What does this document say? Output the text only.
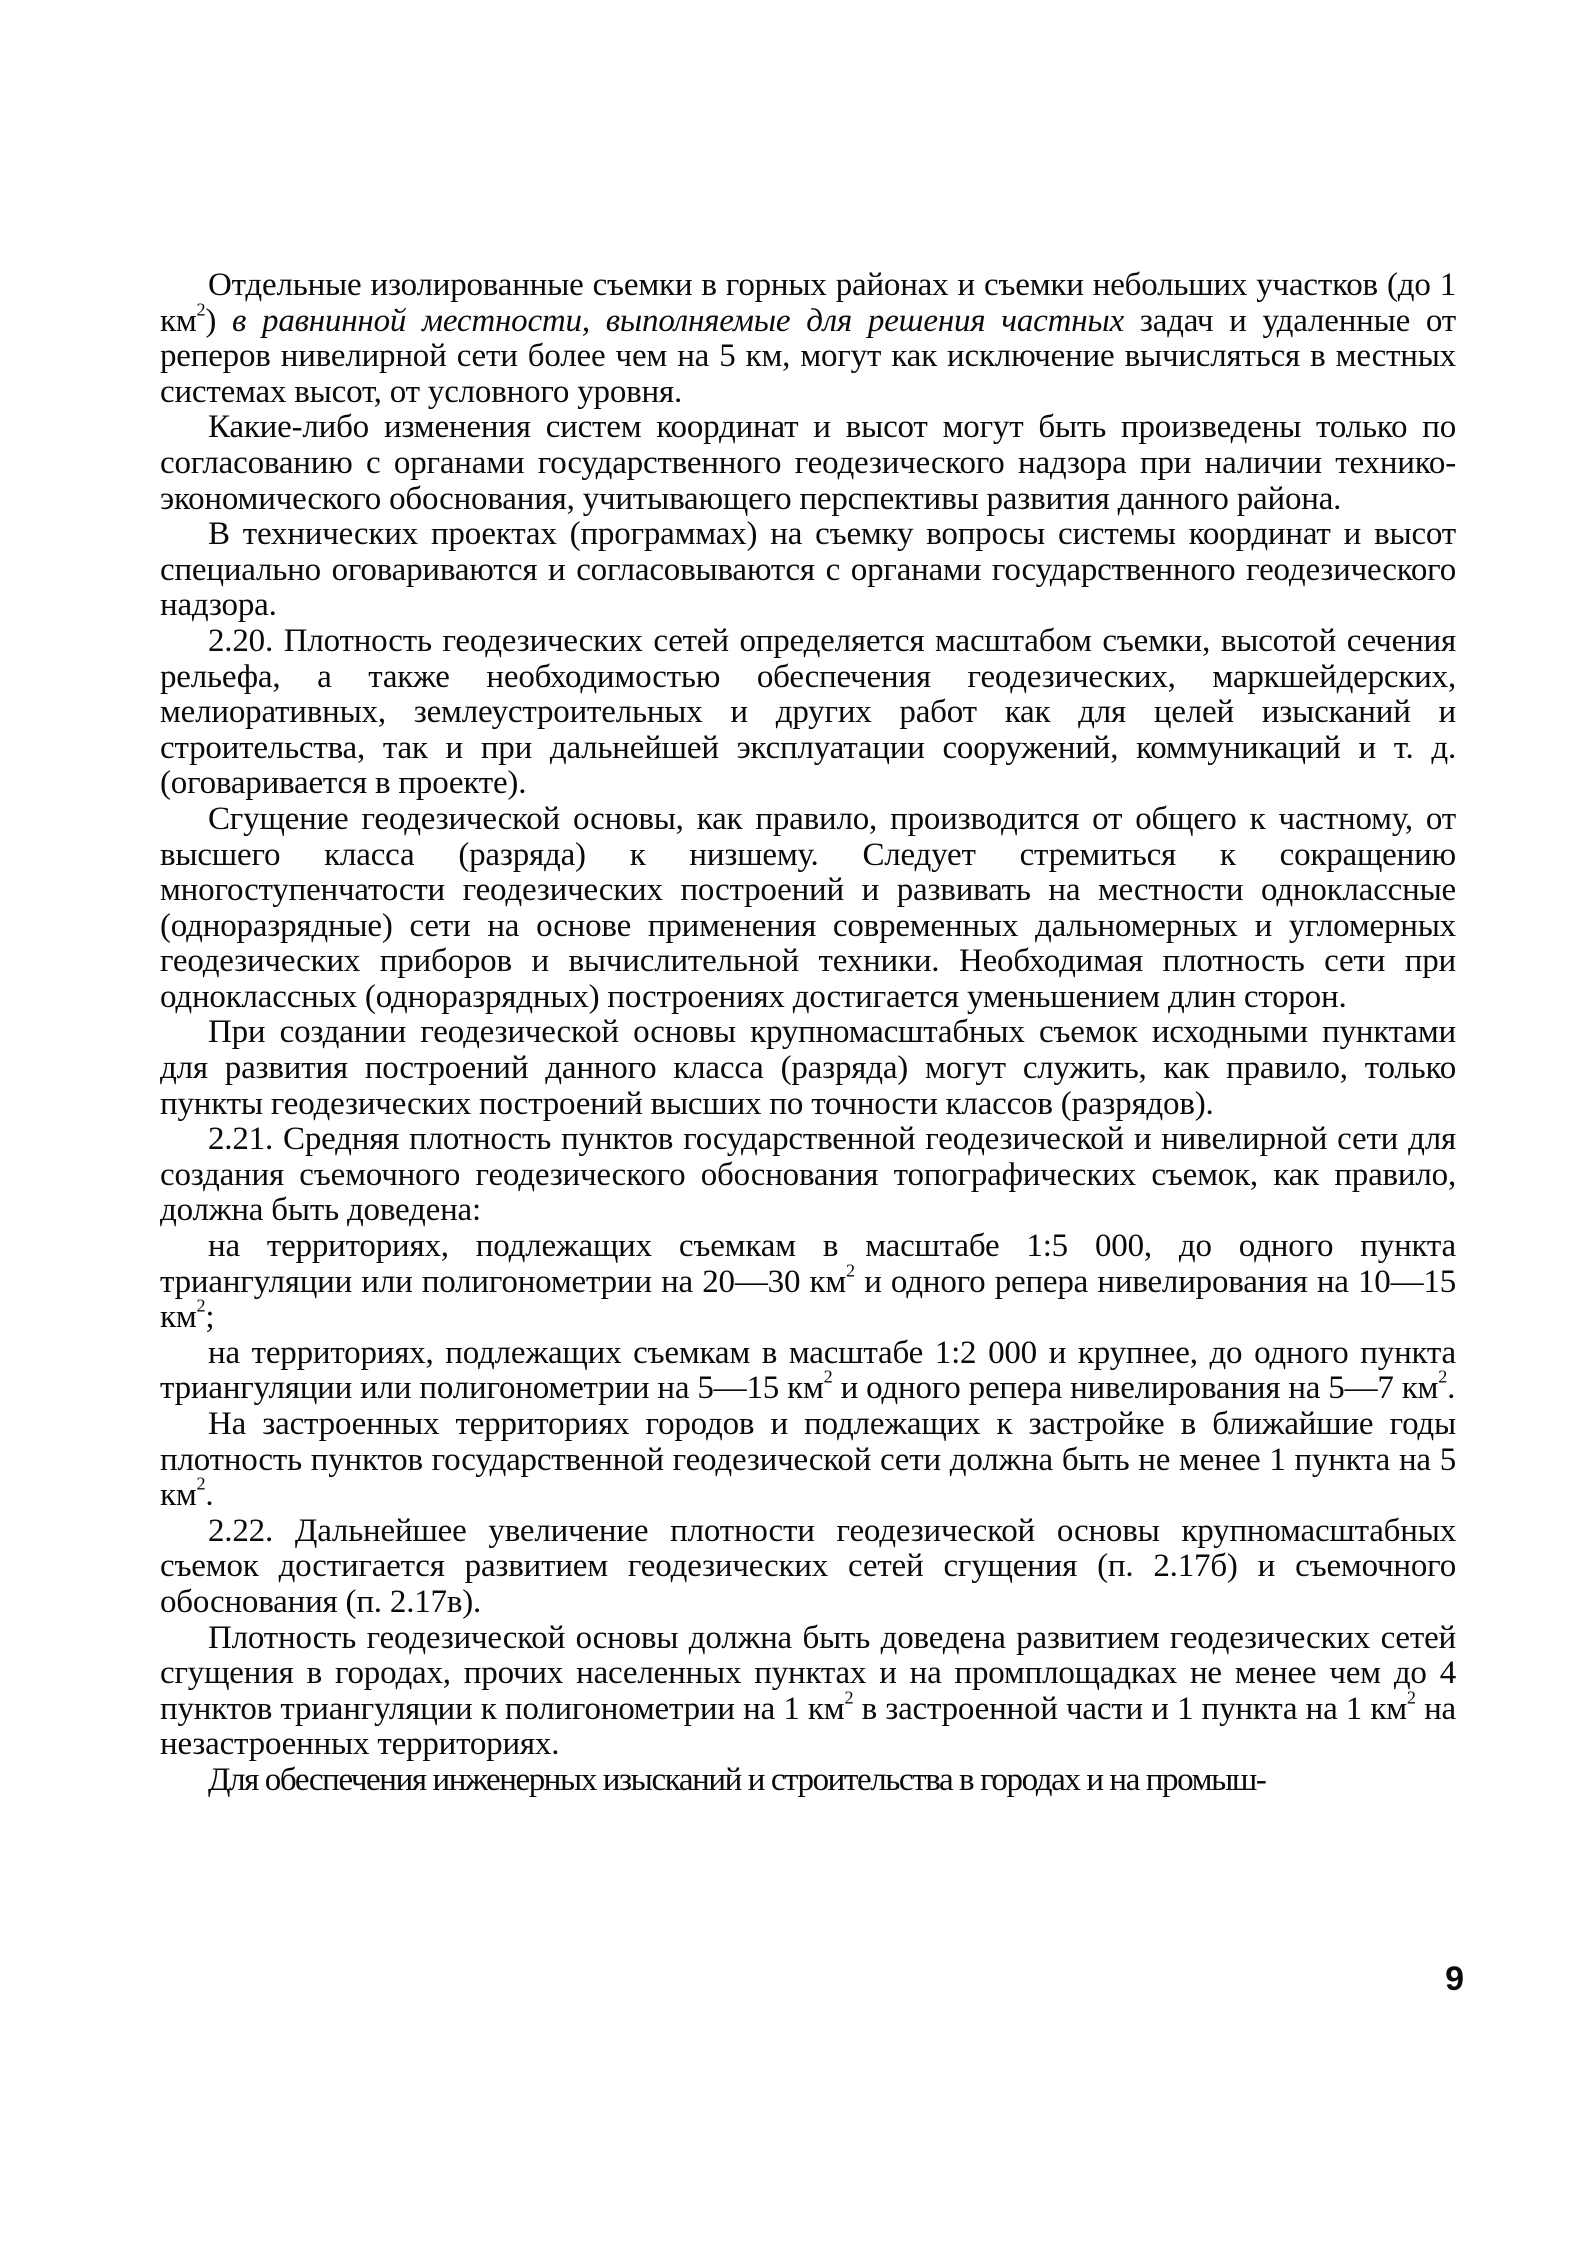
Отдельные изолированные съемки в горных районах и съемки небольших участков (до 1 $км^2$) в равнинной местности, выполняемые для решения частных задач и удаленные от реперов нивелирной сети более чем на 5 км, могут как исключение вычисляться в местных системах высот, от условного уровня.

Какие-либо изменения систем координат и высот могут быть произведены только по согласованию с органами государственного геодезического надзора при наличии технико-экономического обоснования, учитывающего перспективы развития данного района.

В технических проектах (программах) на съемку вопросы системы координат и высот специально оговариваются и согласовываются с органами государственного геодезического надзора.

2.20. Плотность геодезических сетей определяется масштабом съемки, высотой сечения рельефа, а также необходимостью обеспечения геодезических, маркшейдерских, мелиоративных, землеустроительных и других работ как для целей изысканий и строительства, так и при дальнейшей эксплуатации сооружений, коммуникаций и т. д. (оговаривается в проекте).

Сгущение геодезической основы, как правило, производится от общего к частному, от высшего класса (разряда) к низшему. Следует стремиться к сокращению многоступенчатости геодезических построений и развивать на местности одноклассные (одноразрядные) сети на основе применения современных дальномерных и угломерных геодезических приборов и вычислительной техники. Необходимая плотность сети при одноклассных (одноразрядных) построениях достигается уменьшением длин сторон.

При создании геодезической основы крупномасштабных съемок исходными пунктами для развития построений данного класса (разряда) могут служить, как правило, только пункты геодезических построений высших по точности классов (разрядов).

2.21. Средняя плотность пунктов государственной геодезической и нивелирной сети для создания съемочного геодезического обоснования топографических съемок, как правило, должна быть доведена:

на территориях, подлежащих съемкам в масштабе 1:5 000, до одного пункта триангуляции или полигонометрии на 20—30 $км^2$ и одного репера нивелирования на 10—15 $км^2$;

на территориях, подлежащих съемкам в масштабе 1:2 000 и крупнее, до одного пункта триангуляции или полигонометрии на 5—15 $км^2$ и одного репера нивелирования на 5—7 $км^2$.

На застроенных территориях городов и подлежащих к застройке в ближайшие годы плотность пунктов государственной геодезической сети должна быть не менее 1 пункта на 5 $км^2$.

2.22. Дальнейшее увеличение плотности геодезической основы крупномасштабных съемок достигается развитием геодезических сетей сгущения (п. 2.17б) и съемочного обоснования (п. 2.17в).

Плотность геодезической основы должна быть доведена развитием геодезических сетей сгущения в городах, прочих населенных пунктах и на промплощадках не менее чем до 4 пунктов триангуляции к полигонометрии на 1 $км^2$ в застроенной части и 1 пункта на 1 $км^2$ на незастроенных территориях.

Для обеспечения инженерных изысканий и строительства в городах и на промыш-

9
